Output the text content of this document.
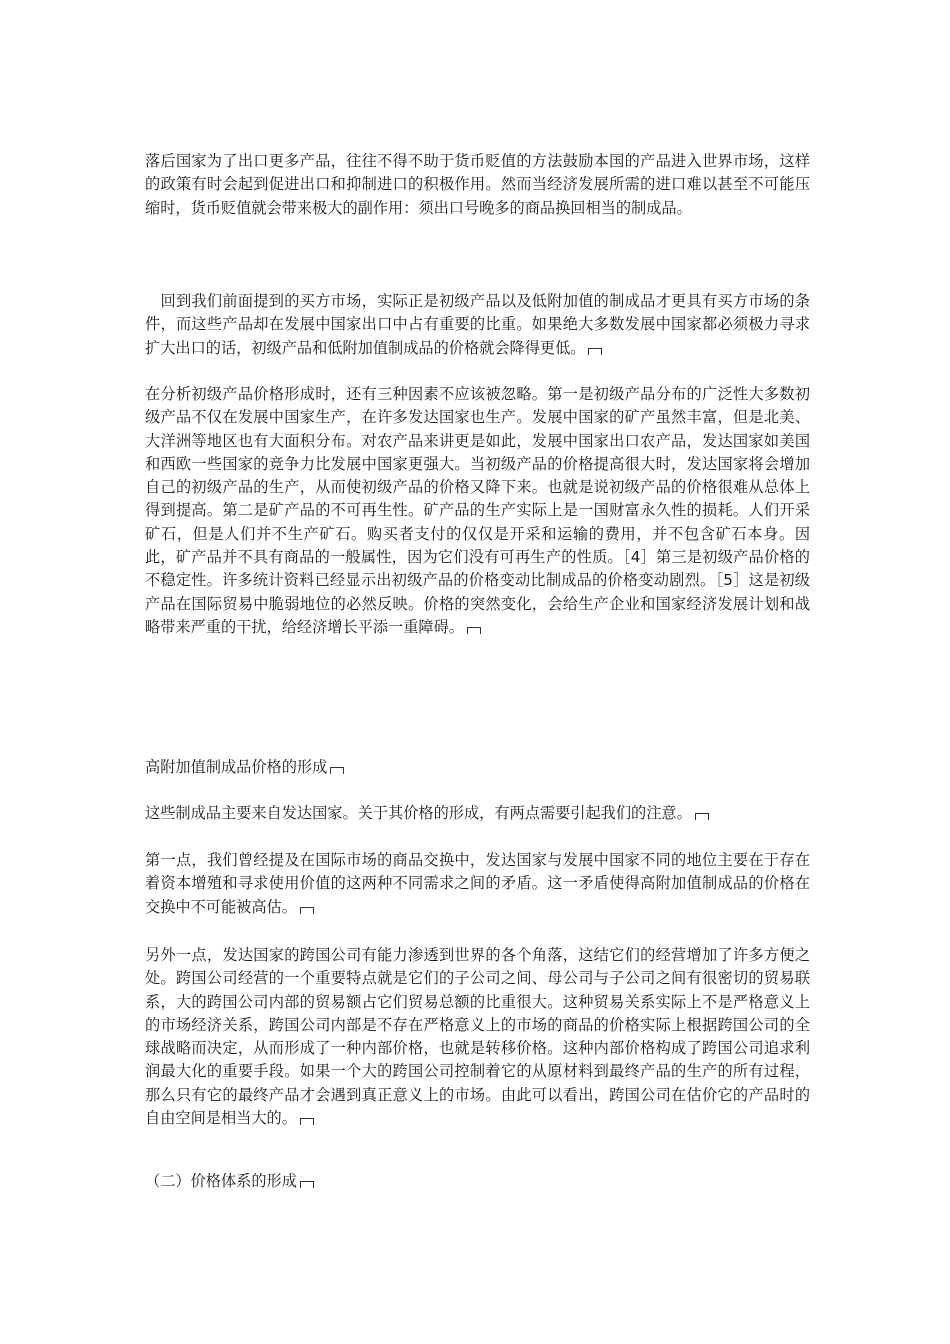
落后国家为了出口更多产品，往往不得不助于货币贬值的方法鼓励本国的产品进入世界市场，这样的政策有时会起到促进出口和抑制进口的积极作用。然而当经济发展所需的进口难以甚至不可能压缩时，货币贬值就会带来极大的副作用：须出口号晚多的商品换回相当的制成品。

　回到我们前面提到的买方市场，实际正是初级产品以及低附加值的制成品才更具有买方市场的条件，而这些产品却在发展中国家出口中占有重要的比重。如果绝大多数发展中国家都必须极力寻求扩大出口的话，初级产品和低附加值制成品的价格就会降得更低。

在分析初级产品价格形成时，还有三种因素不应该被忽略。第一是初级产品分布的广泛性大多数初级产品不仅在发展中国家生产，在许多发达国家也生产。发展中国家的矿产虽然丰富，但是北美、大洋洲等地区也有大面积分布。对农产品来讲更是如此，发展中国家出口农产品，发达国家如美国和西欧一些国家的竞争力比发展中国家更强大。当初级产品的价格提高很大时，发达国家将会增加自己的初级产品的生产，从而使初级产品的价格又降下来。也就是说初级产品的价格很难从总体上得到提高。第二是矿产品的不可再生性。矿产品的生产实际上是一国财富永久性的损耗。人们开采矿石，但是人们并不生产矿石。购买者支付的仅仅是开采和运输的费用，并不包含矿石本身。因此，矿产品并不具有商品的一般属性，因为它们没有可再生产的性质。［4］第三是初级产品价格的不稳定性。许多统计资料已经显示出初级产品的价格变动比制成品的价格变动剧烈。［5］这是初级产品在国际贸易中脆弱地位的必然反映。价格的突然变化，会给生产企业和国家经济发展计划和战略带来严重的干扰，给经济增长平添一重障碍。

高附加值制成品价格的形成

这些制成品主要来自发达国家。关于其价格的形成，有两点需要引起我们的注意。

第一点，我们曾经提及在国际市场的商品交换中，发达国家与发展中国家不同的地位主要在于存在着资本增殖和寻求使用价值的这两种不同需求之间的矛盾。这一矛盾使得高附加值制成品的价格在交换中不可能被高估。

另外一点，发达国家的跨国公司有能力渗透到世界的各个角落，这结它们的经营增加了许多方便之处。跨国公司经营的一个重要特点就是它们的子公司之间、母公司与子公司之间有很密切的贸易联系，大的跨国公司内部的贸易额占它们贸易总额的比重很大。这种贸易关系实际上不是严格意义上的市场经济关系，跨国公司内部是不存在严格意义上的市场的商品的价格实际上根据跨国公司的全球战略而决定，从而形成了一种内部价格，也就是转移价格。这种内部价格构成了跨国公司追求利润最大化的重要手段。如果一个大的跨国公司控制着它的从原材料到最终产品的生产的所有过程，那么只有它的最终产品才会遇到真正意义上的市场。由此可以看出，跨国公司在估价它的产品时的自由空间是相当大的。

（二）价格体系的形成
